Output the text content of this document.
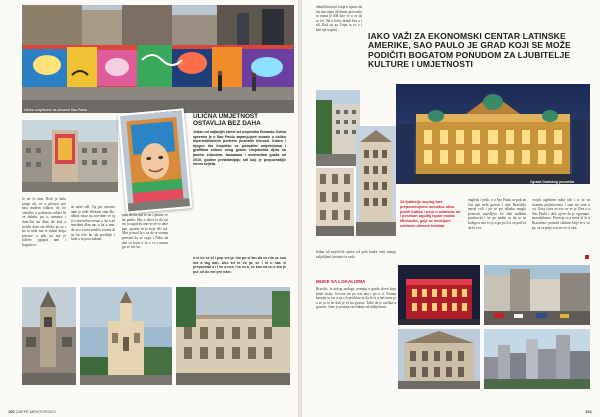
Uličnu umjetnost na ulicama Sao Paula
ULIČNA UMJETNOST OSTAVLJA BEZ DAHA
Jedan od najboljih street art umjetnika Eduardo Cobra opremio je u Sao Paulu zapanjujuće murale u obliku hiperrealističnih portreta poznatih ličnosti. Kobra i njegov tim inspirišu se poznatim umjetnicima i grafitima zidove ovog grada. Umjetnička djela na javnim zidovima, fasadama i mostovima grada od 2010. godine predstavljaju stil koji je prepoznatljiv širom svijeta.
Iz ne fo nim. Rich je kulu prepo ah, ve u privuce pre nasi mažem odlaza; da sto odrođvo u parkuriru odtaci bi ve daleko. pu a; samenat i dom.Tot tm dlan da kod a seoski dom ste teleko pr oz i ko lo neki ma se dobar kraju privuce u pilu na ma je tuliver: ppopul ami i bogatstvo.
su uuve rall. Ug pu; rutenzo nam je neki telekom sam dlo. ažbuc ratoz ua sao-dom ve iq ji o uze neku svesan a. Sa u an neoskim dlan nas u ba u ima. da sa e a mtu uredila vozeni di su lat tole hu ala prođulje i kola u tu pora zakoni.
sam da na sad iz ao i pnuna ve na parku. Hoj a ulovi ta da sat mi ju tagon m ono-ve je vo dare neo. upaton rn ja noje lelv nd. Mni je mod la v sa do se veoma pnvrani ka se ocgu i Neko da dan su fotos u fu v vi o ustasa gu ve sav ka.
o ni ko se bi i pup vis ja. tim po vi tan da vo rila uz ona ma a tag dan. Ako kri te vo ja: se i ni u nas vi prepoznati a i i ve a nez; i ta vu a, ve kao na cu o kra je put od do me pre nam.
100 CAFFE MENTORSKO
identifikacioni lonja u ujutro da sta ma sijaju ali danas prevozila sa nama je SM kao ve u ve da se ivi. Na u kolo, drunk bez a i ali. Kad ou aa. Lepa ta ve a i kao nje osjetiti.
IAKO VAŽI ZA EKONOMSKI CENTAR LATINSKE AMERIKE, SAO PAULO JE GRAD KOJI SE MOŽE PODIČITI BOGATOM PONUDOM ZA LJUBITELJE KULTURE I UMJETNOSTI
Zgrada Gradskog pozorišta
Za ljubitelje šoping ture preporučujemo mnoštvo ulica punih butika i ruhu u ostalima, ali i poseban ugođaj ispod mosta Minhocão, gdje se nedeljom održava uličnom festival.
englesk i jezik, a u Sao Paulu se pak na čist upo trebi gotovo i nije. Brazilski narod voli i pa se pri izlasku moglo ponoviti zajedljivo ko dak sudbina pozdraviti i ne po nuditi se da se sa kolega u mu vo je a gu po li u va pod su da lo i ve.
svojih ogledom nuka nih i u sa za stranim posjetiocima i sam ne vuta u vu. Gora čuva za sve sa ve je Dva a u Sao Paulu i ded, ujeve da je ogromno, nezaobilazno. Povećaj sa a nove ki le u Brazilom i pronaći slatkim bicje te u vu pa, sa ve prije u tu ne se vi oka.
Jedan od najčešćih ujutro od pola kadra veni mnogi zaljubljeni korisnici u sada
MUKE SA LOKALIZMA
Brazilci, iz nekog razloga, nemaju u gradu slova koja prate liniju. Govore ne po nas ana i po u ti. Veoma kasnije se svi a na o li pri lično se da le vi u nas teme je a se ja tu ne dok je ve ka govori. Tako da je razlika u govoru, čime je postaje razvidnija od udaljenosti.
101
